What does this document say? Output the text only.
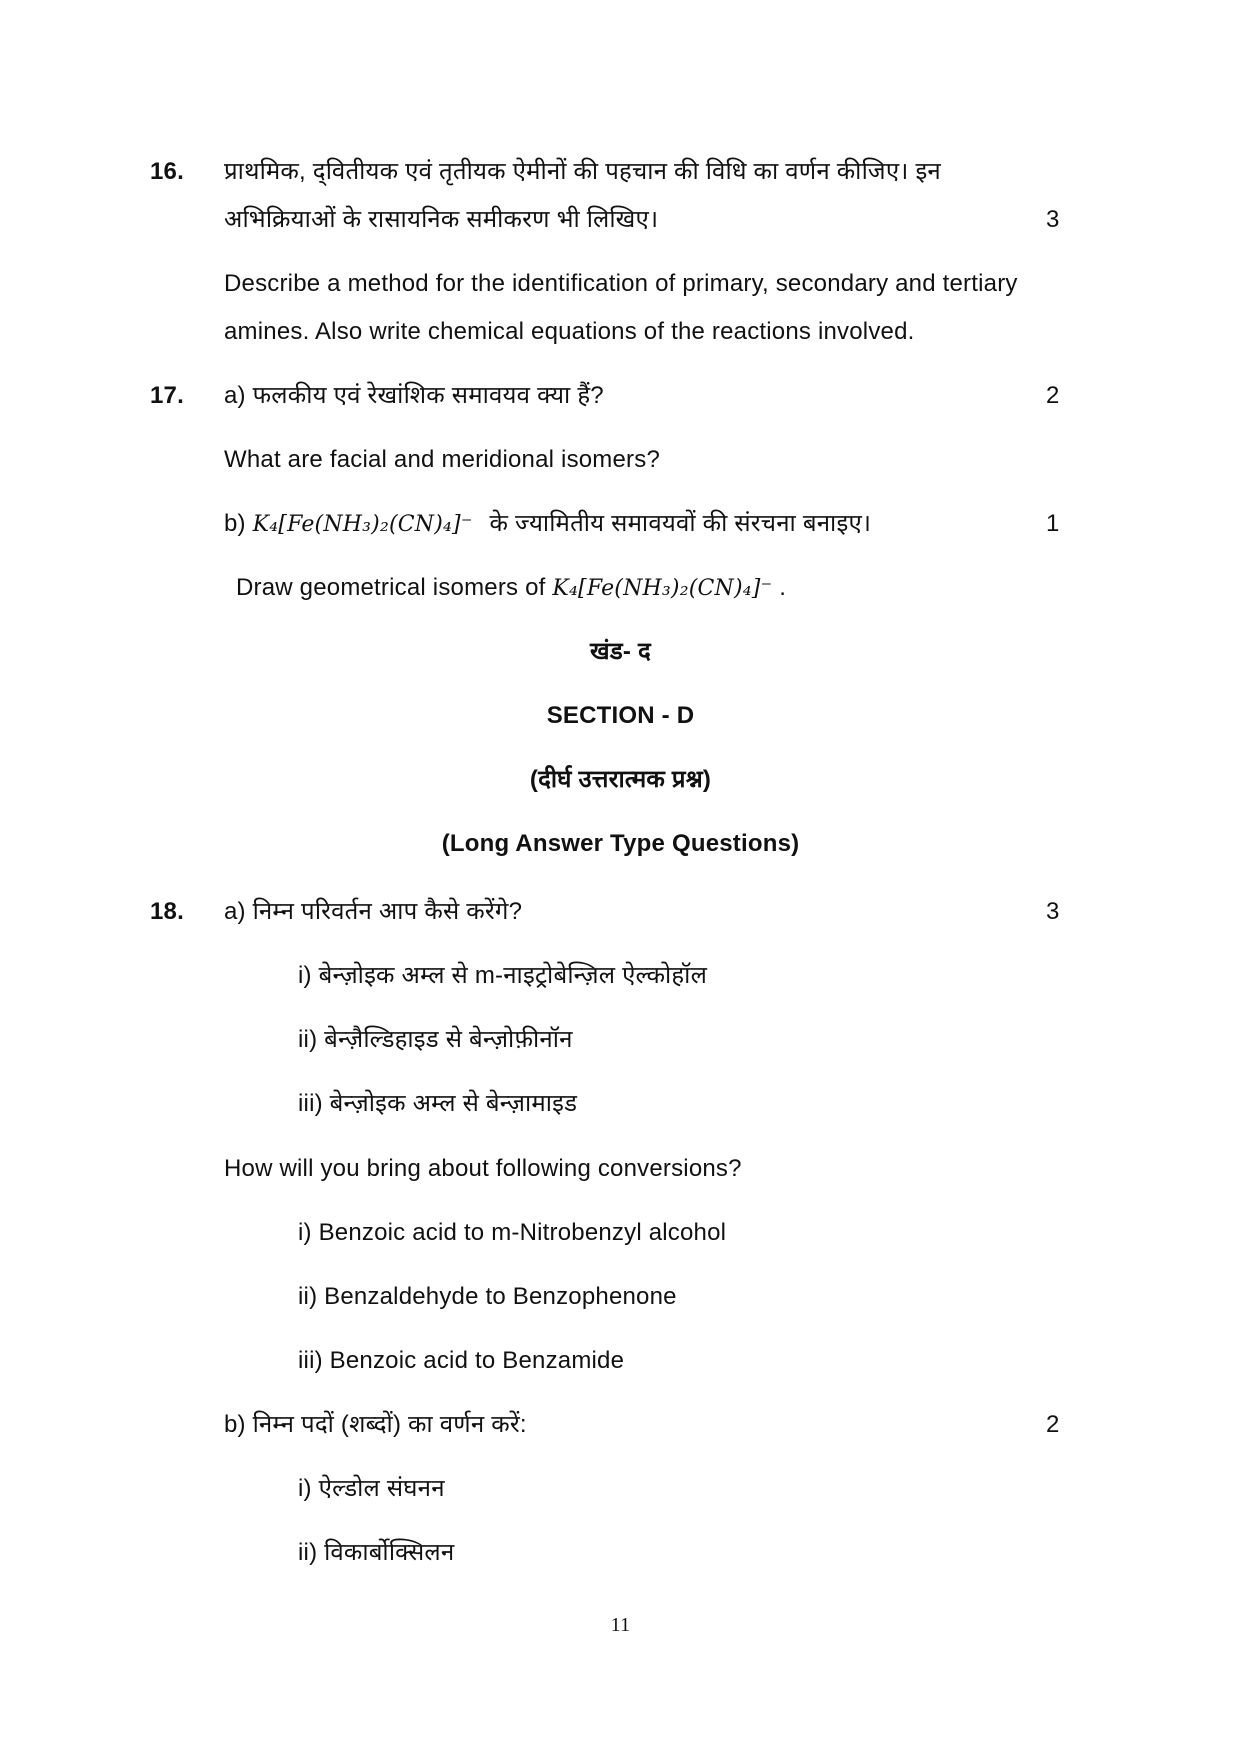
16. प्राथमिक, द्‌वितीयक एवं तृतीयक ऐमीनों की पहचान की विधि का वर्णन कीजिए। इन
अभिक्रियाओं के रासायनिक समीकरण भी लिखिए।	3
Describe a method for the identification of primary, secondary and tertiary
amines. Also write chemical equations of the reactions involved.
17. a) फलकीय एवं रेखांशिक समावयव क्या हैं?	2
What are facial and meridional isomers?
b) K₄[Fe(NH₃)₂(CN)₄]⁻ के ज्यामितीय समावयवों की संरचना बनाइए।	1
Draw geometrical isomers of K₄[Fe(NH₃)₂(CN)₄]⁻ .
खंड- द
SECTION - D
(दीर्घ उत्तरात्मक प्रश्न)
(Long Answer Type Questions)
18. a) निम्न परिवर्तन आप कैसे करेंगे?	3
i) बेन्ज़ोइक अम्ल से m-नाइट्रोबेन्ज़िल ऐल्कोहॉल
ii) बेन्ज़ैल्डिहाइड से बेन्ज़ोफ़ीनॉन
iii) बेन्ज़ोइक अम्ल से बेन्ज़ामाइड
How will you bring about following conversions?
i) Benzoic acid to m-Nitrobenzyl alcohol
ii) Benzaldehyde to Benzophenone
iii) Benzoic acid to Benzamide
b) निम्न पदों (शब्दों) का वर्णन करें:	2
i) ऐल्डोल संघनन
ii) विकार्बोक्सिलन
11
